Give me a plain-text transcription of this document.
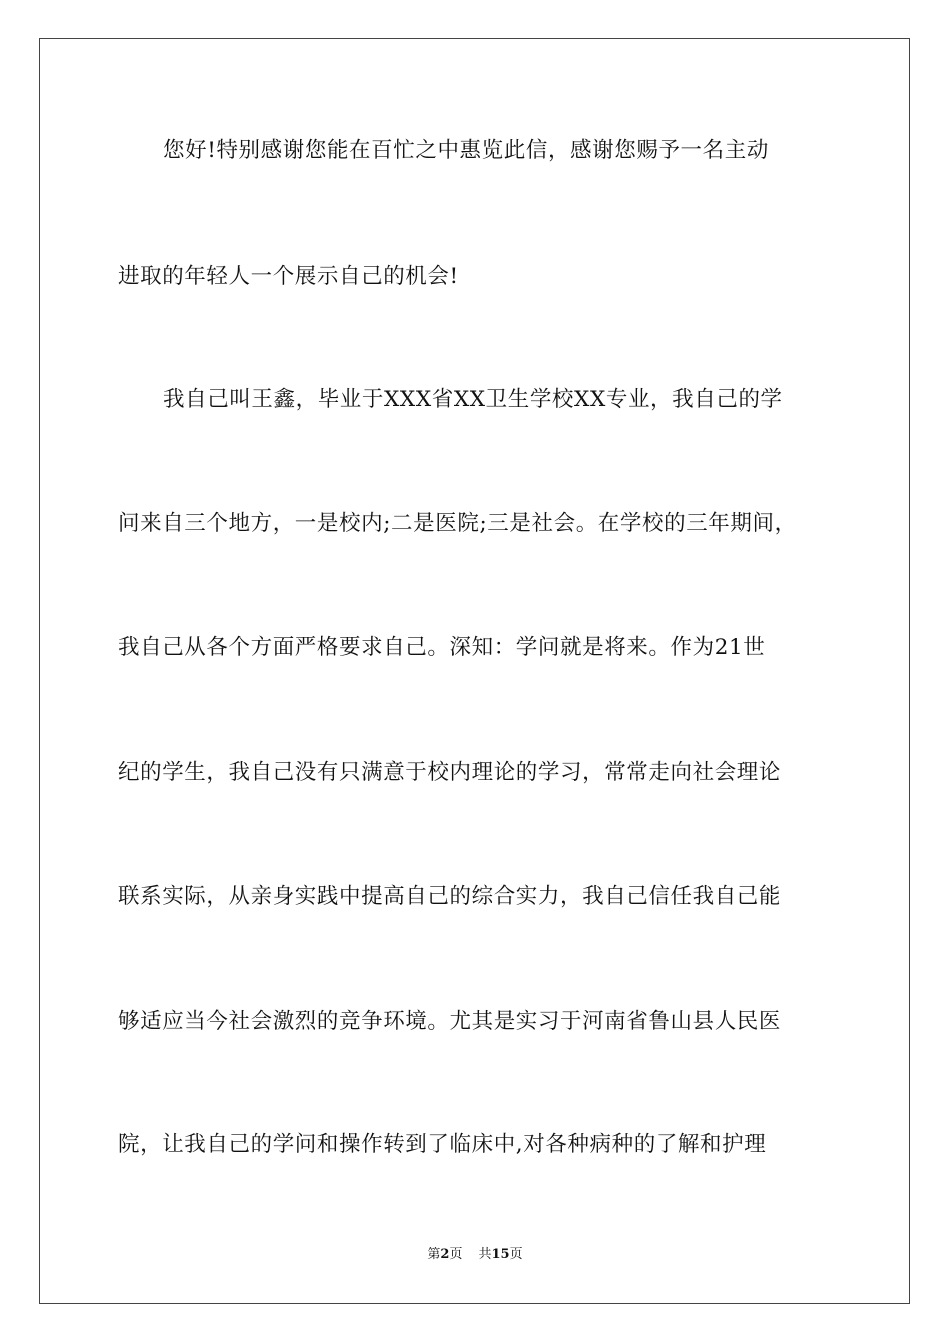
您好!特别感谢您能在百忙之中惠览此信，感谢您赐予一名主动
进取的年轻人一个展示自己的机会!
我自己叫王鑫，毕业于XXX省XX卫生学校XX专业，我自己的学
问来自三个地方，一是校内;二是医院;三是社会。在学校的三年期间，
我自己从各个方面严格要求自己。深知：学问就是将来。作为21世
纪的学生，我自己没有只满意于校内理论的学习，常常走向社会理论
联系实际，从亲身实践中提高自己的综合实力，我自己信任我自己能
够适应当今社会激烈的竞争环境。尤其是实习于河南省鲁山县人民医
院，让我自己的学问和操作转到了临床中,对各种病种的了解和护理
第2页 共15页
